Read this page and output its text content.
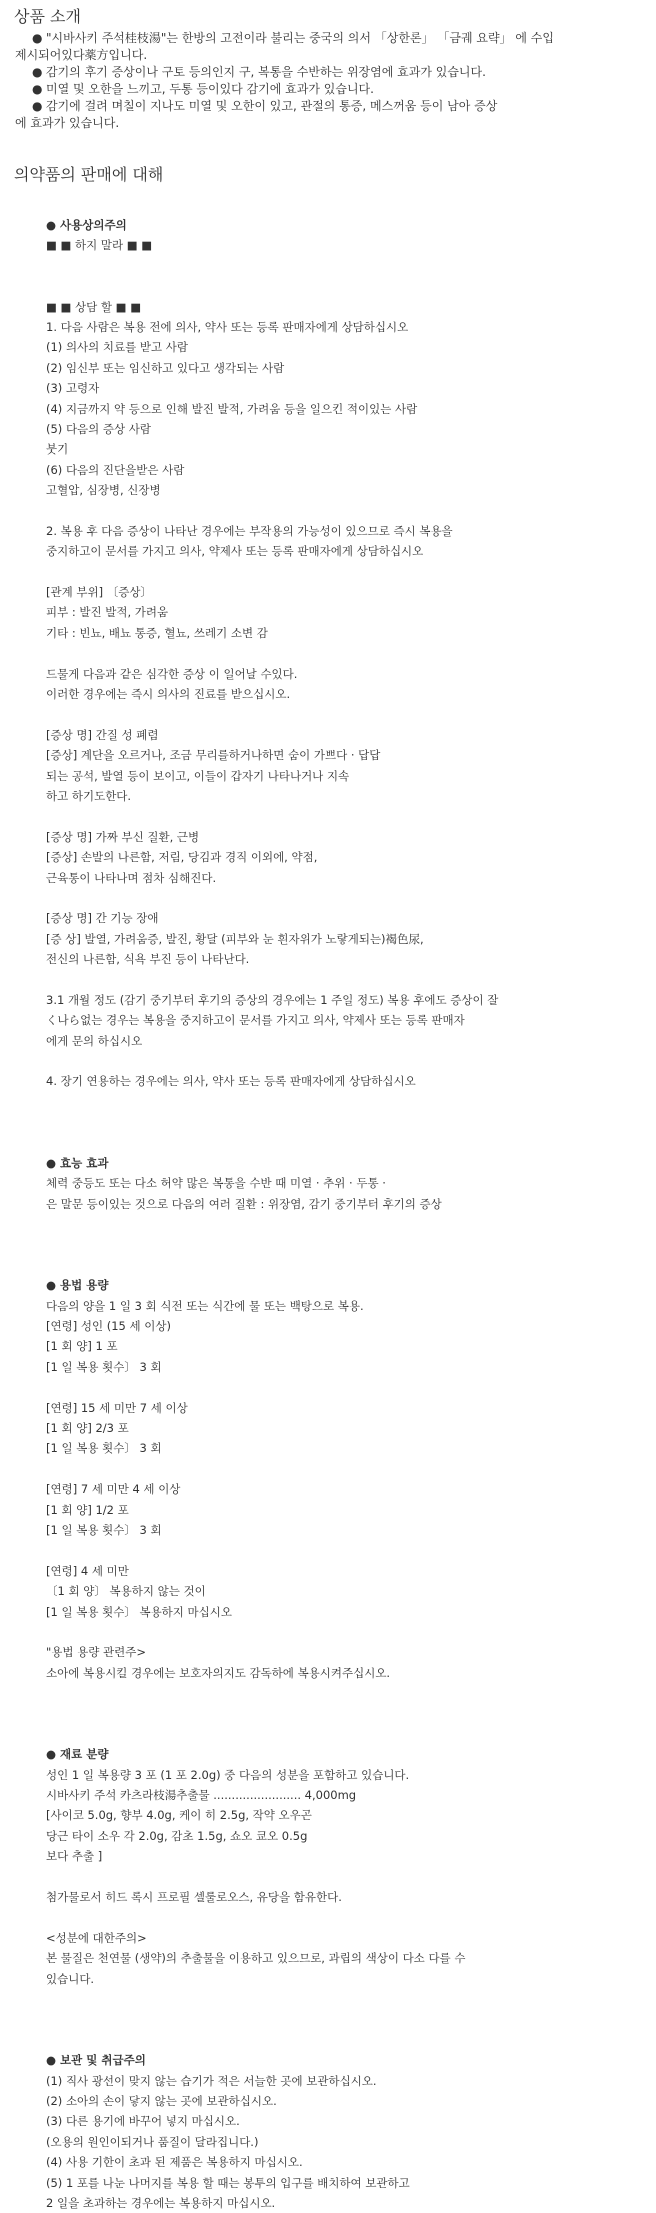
상품 소개
● "시바사키 주석桂枝湯"는 한방의 고전이라 불리는 중국의 의서 「상한론」 「금궤 요략」 에 수입
제시되어있다薬方입니다.
● 감기의 후기 증상이나 구토 등의인지 구, 복통을 수반하는 위장염에 효과가 있습니다.
● 미열 및 오한을 느끼고, 두통 등이있다 감기에 효과가 있습니다.
● 감기에 걸려 며칠이 지나도 미열 및 오한이 있고, 관절의 통증, 메스꺼움 등이 남아 증상
에 효과가 있습니다.
의약품의 판매에 대해
● 사용상의주의
■ ■ 하지 말라 ■ ■
■ ■ 상담 할 ■ ■
1. 다음 사람은 복용 전에 의사, 약사 또는 등록 판매자에게 상담하십시오
(1) 의사의 치료를 받고 사람
(2) 임신부 또는 임신하고 있다고 생각되는 사람
(3) 고령자
(4) 지금까지 약 등으로 인해 발진 발적, 가려움 등을 일으킨 적이있는 사람
(5) 다음의 증상 사람
붓기
(6) 다음의 진단을받은 사람
고혈압, 심장병, 신장병
2. 복용 후 다음 증상이 나타난 경우에는 부작용의 가능성이 있으므로 즉시 복용을
중지하고이 문서를 가지고 의사, 약제사 또는 등록 판매자에게 상담하십시오
[관계 부위] 〔증상〕
피부 : 발진 발적, 가려움
기타 : 빈뇨, 배뇨 통증, 혈뇨, 쓰레기 소변 감
드물게 다음과 같은 심각한 증상 이 일어날 수있다.
이러한 경우에는 즉시 의사의 진료를 받으십시오.
[증상 명] 간질 성 폐렴
[증상] 계단을 오르거나, 조금 무리를하거나하면 숨이 가쁘다 · 답답
되는 공석, 발열 등이 보이고, 이들이 갑자기 나타나거나 지속
하고 하기도한다.
[증상 명] 가짜 부신 질환, 근병
[증상] 손발의 나른함, 저림, 당김과 경직 이외에, 약점,
근육통이 나타나며 점차 심해진다.
[증상 명] 간 기능 장애
[증 상] 발열, 가려움증, 발진, 황달 (피부와 눈 흰자위가 노랗게되는)褐色尿,
전신의 나른함, 식욕 부진 등이 나타난다.
3.1 개월 정도 (감기 중기부터 후기의 증상의 경우에는 1 주일 정도) 복용 후에도 증상이 잘
く나ら없는 경우는 복용을 중지하고이 문서를 가지고 의사, 약제사 또는 등록 판매자
에게 문의 하십시오
4. 장기 연용하는 경우에는 의사, 약사 또는 등록 판매자에게 상담하십시오
● 효능 효과
체력 중등도 또는 다소 허약 많은 복통을 수반 때 미열 · 추위 · 두통 ·
은 말문 등이있는 것으로 다음의 여러 질환 : 위장염, 감기 중기부터 후기의 증상
● 용법 용량
다음의 양을 1 일 3 회 식전 또는 식간에 물 또는 백탕으로 복용.
[연령] 성인 (15 세 이상)
[1 회 양] 1 포
[1 일 복용 횟수〕 3 회
[연령] 15 세 미만 7 세 이상
[1 회 양] 2/3 포
[1 일 복용 횟수〕 3 회
[연령] 7 세 미만 4 세 이상
[1 회 양] 1/2 포
[1 일 복용 횟수〕 3 회
[연령] 4 세 미만
〔1 회 양〕 복용하지 않는 것이
[1 일 복용 횟수〕 복용하지 마십시오
"용법 용량 관련주>
소아에 복용시킬 경우에는 보호자의지도 감독하에 복용시켜주십시오.
● 재료 분량
성인 1 일 복용량 3 포 (1 포 2.0g) 중 다음의 성분을 포함하고 있습니다.
시바사키 주석 카츠라枝湯추출물 ........................ 4,000mg
[사이코 5.0g, 향부 4.0g, 케이 히 2.5g, 작약 오우곤
당근 타이 소우 각 2.0g, 감초 1.5g, 쇼오 쿄오 0.5g
보다 추출 ]
첨가물로서 히드 록시 프로필 셀룰로오스, 유당을 함유한다.
<성분에 대한주의>
본 물질은 천연물 (생약)의 추출물을 이용하고 있으므로, 과립의 색상이 다소 다를 수
있습니다.
● 보관 및 취급주의
(1) 직사 광선이 맞지 않는 습기가 적은 서늘한 곳에 보관하십시오.
(2) 소아의 손이 닿지 않는 곳에 보관하십시오.
(3) 다른 용기에 바꾸어 넣지 마십시오.
(오용의 원인이되거나 품질이 달라집니다.)
(4) 사용 기한이 초과 된 제품은 복용하지 마십시오.
(5) 1 포를 나눈 나머지를 복용 할 때는 봉투의 입구를 배치하여 보관하고
2 일을 초과하는 경우에는 복용하지 마십시오.
